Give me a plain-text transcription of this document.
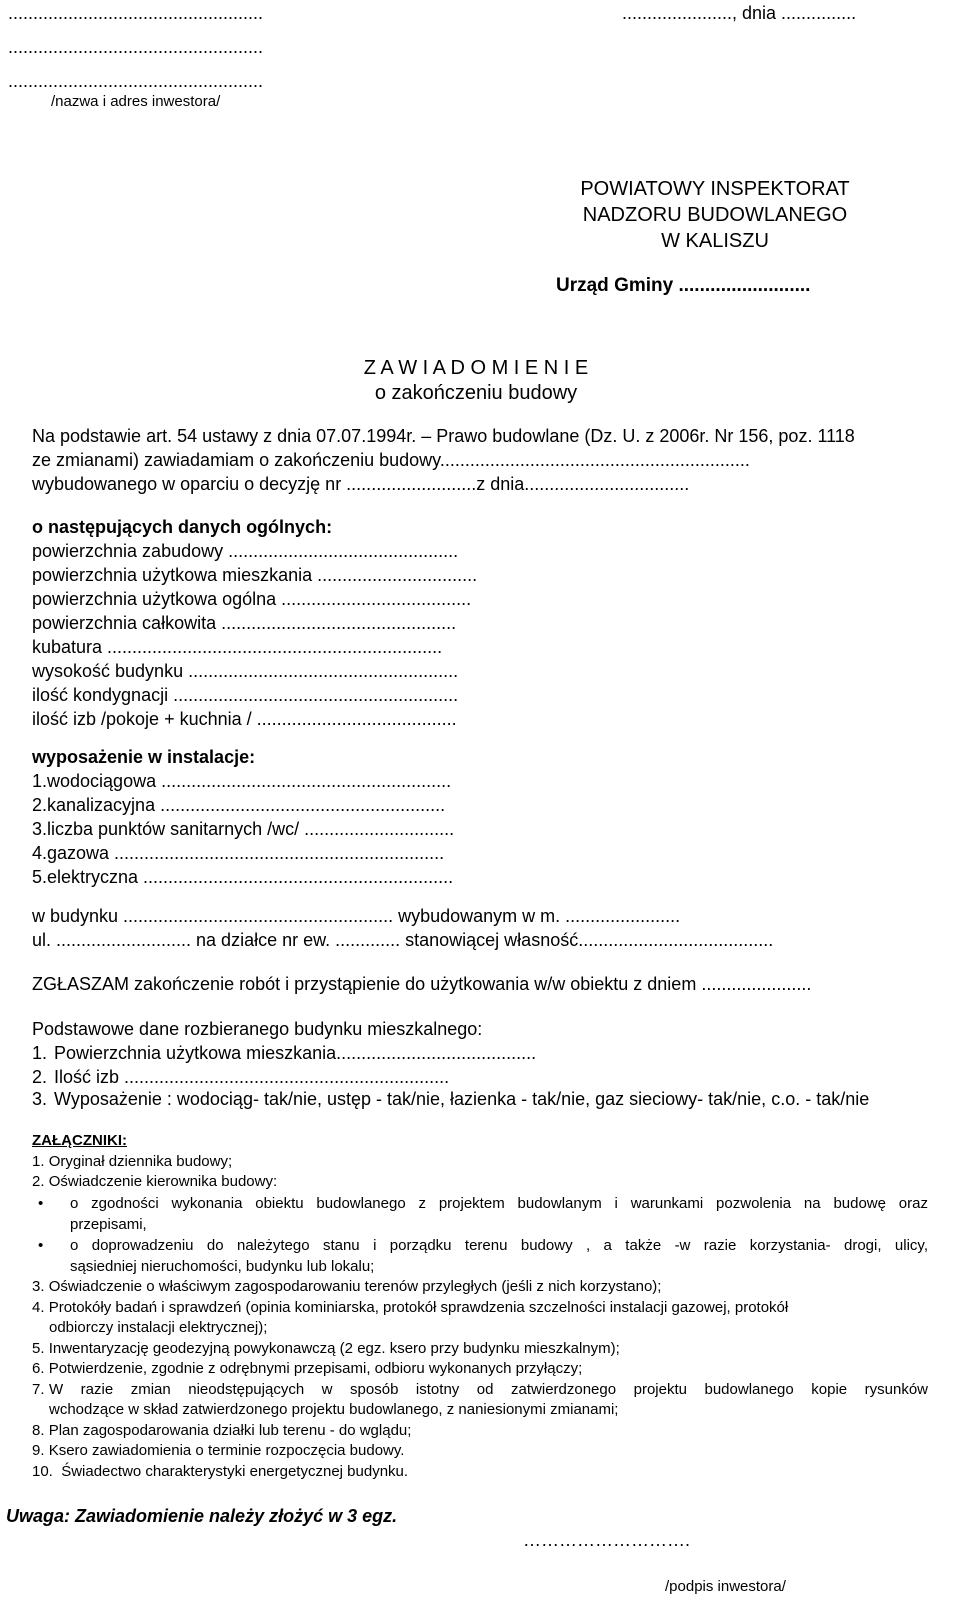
...................................................
...................................................
...................................................
/nazwa i adres inwestora/
......................, dnia ...............
POWIATOWY INSPEKTORAT
NADZORU BUDOWLANEGO
W KALISZU
Urząd Gminy .........................
Z A W I A D O M I E N I E
o zakończeniu budowy
Na podstawie art. 54 ustawy z dnia 07.07.1994r. – Prawo budowlane (Dz. U. z 2006r. Nr 156, poz. 1118
ze zmianami) zawiadamiam o zakończeniu budowy..............................................................
wybudowanego w oparciu o decyzję nr ..........................z dnia.................................
o następujących danych ogólnych:
powierzchnia zabudowy ..............................................
powierzchnia użytkowa mieszkania ................................
powierzchnia użytkowa ogólna ......................................
powierzchnia całkowita ...............................................
kubatura ...................................................................
wysokość budynku ......................................................
ilość kondygnacji .........................................................
ilość izb /pokoje + kuchnia / ........................................
wyposażenie w instalacje:
1.wodociągowa ..........................................................
2.kanalizacyjna .........................................................
3.liczba punktów sanitarnych /wc/ ..............................
4.gazowa ..................................................................
5.elektryczna ..............................................................
w budynku ...................................................... wybudowanym w m. .......................
ul. ........................... na działce nr ew. ............. stanowiącej własność.......................................
ZGŁASZAM zakończenie robót i przystąpienie do użytkowania w/w obiektu z dniem ......................
Podstawowe dane rozbieranego budynku mieszkalnego:
1. Powierzchnia użytkowa mieszkania........................................
2. Ilość izb .................................................................
3. Wyposażenie : wodociąg- tak/nie, ustęp - tak/nie, łazienka - tak/nie, gaz sieciowy- tak/nie, c.o. - tak/nie
ZAŁĄCZNIKI:
1. Oryginał dziennika budowy;
2. Oświadczenie kierownika budowy:
• o zgodności wykonania obiektu budowlanego z projektem budowlanym i warunkami pozwolenia na budowę oraz
przepisami,
• o doprowadzeniu do należytego stanu i porządku terenu budowy , a także -w razie korzystania- drogi, ulicy,
sąsiedniej nieruchomości, budynku lub lokalu;
3. Oświadczenie o właściwym zagospodarowaniu terenów przyległych (jeśli z nich korzystano);
4. Protokóły badań i sprawdzeń (opinia kominiarska, protokół sprawdzenia szczelności instalacji gazowej, protokół
odbiorczy instalacji elektrycznej);
5. Inwentaryzację geodezyjną powykonawczą (2 egz. ksero przy budynku mieszkalnym);
6. Potwierdzenie, zgodnie z odrębnymi przepisami, odbioru wykonanych przyłączy;
7. W razie zmian nieodstępujących w sposób istotny od zatwierdzonego projektu budowlanego kopie rysunków
wchodzące w skład zatwierdzonego projektu budowlanego, z naniesionymi zmianami;
8. Plan zagospodarowania działki lub terenu - do wglądu;
9. Ksero zawiadomienia o terminie rozpoczęcia budowy.
10. Świadectwo charakterystyki energetycznej budynku.
Uwaga: Zawiadomienie należy złożyć w 3 egz.
……………………….
/podpis inwestora/
